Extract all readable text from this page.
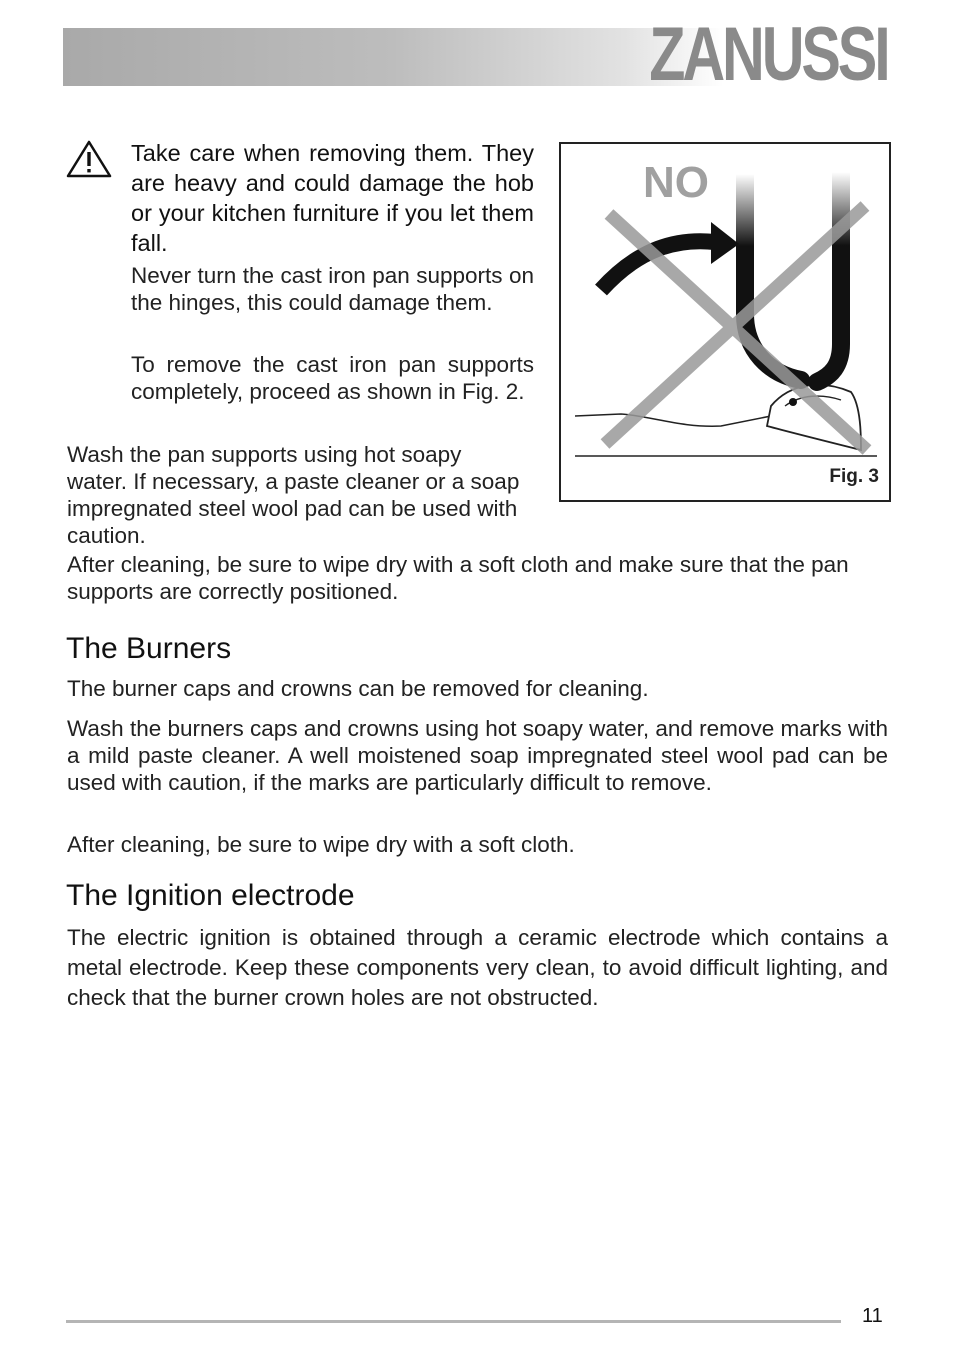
ZANUSSI
Take care when removing them. They are heavy and could damage the hob or your kitchen furniture if you let them fall.
Never turn the cast iron pan supports on the hinges, this could damage them.
To remove the cast iron pan supports completely, proceed as shown in Fig. 2.
Wash the pan supports using hot soapy water. If necessary, a paste cleaner or a soap impregnated steel wool pad can be used with caution.
After cleaning, be sure to wipe dry with a soft cloth and make sure that the pan supports are correctly positioned.
NO
Fig. 3
The Burners
The burner caps and crowns can be removed for cleaning.
Wash the burners caps and crowns using hot soapy water, and remove marks with a mild paste cleaner. A well moistened soap impregnated steel wool pad can be used with caution, if the marks are particularly difficult to remove.
After cleaning, be sure to wipe dry with a soft cloth.
The Ignition electrode
The electric ignition is obtained through a ceramic electrode which contains a metal electrode. Keep these components very clean, to avoid difficult lighting, and check that the burner crown holes are not obstructed.
11
